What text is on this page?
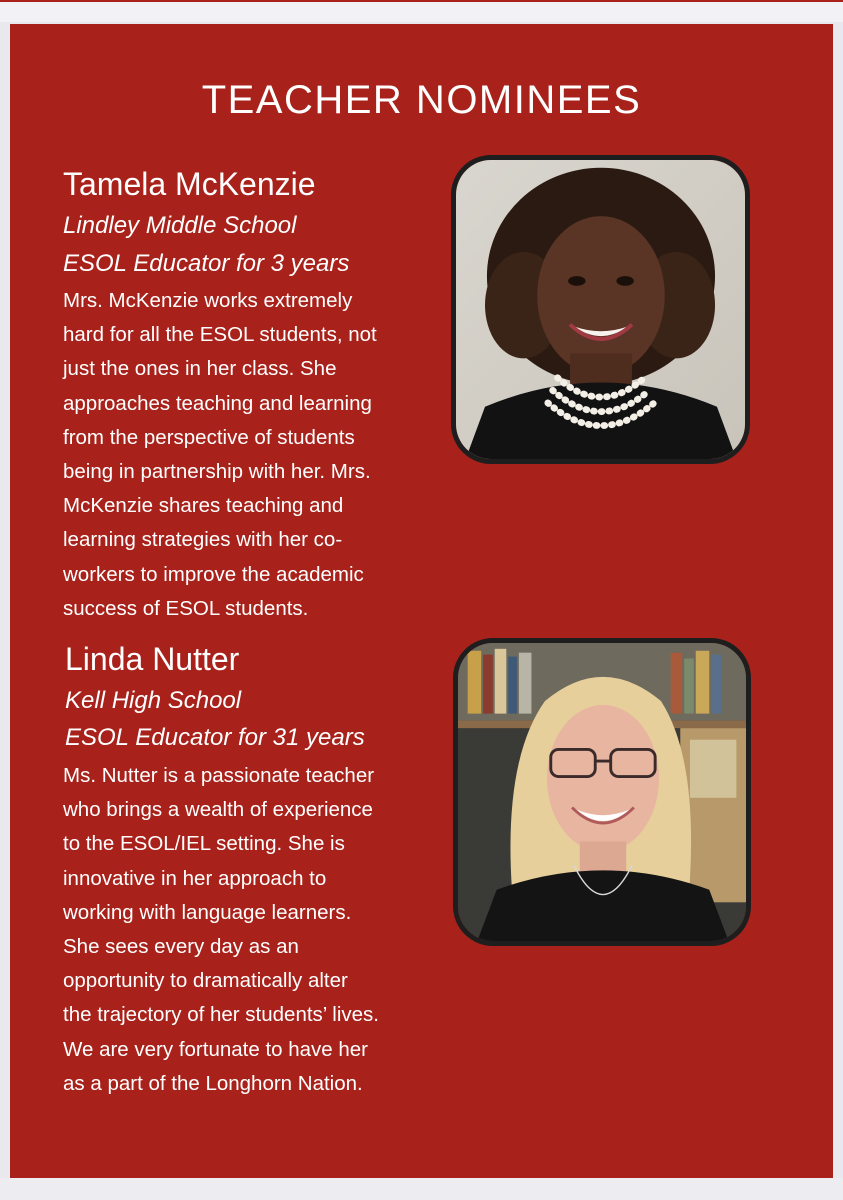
TEACHER NOMINEES
Tamela McKenzie
Lindley Middle School
ESOL Educator for 3 years
Mrs. McKenzie works extremely
hard for all the ESOL students, not
just the ones in her class. She
approaches teaching and learning
from the perspective of students
being in partnership with her. Mrs.
McKenzie shares teaching and
learning strategies with her co-
workers to improve the academic
success of ESOL students.
Linda Nutter
Kell High School
ESOL Educator for 31 years
Ms. Nutter is a passionate teacher
who brings a wealth of experience
to the ESOL/IEL setting. She is
innovative in her approach to
working with language learners.
She sees every day as an
opportunity to dramatically alter
the trajectory of her students’ lives.
We are very fortunate to have her
as a part of the Longhorn Nation.
